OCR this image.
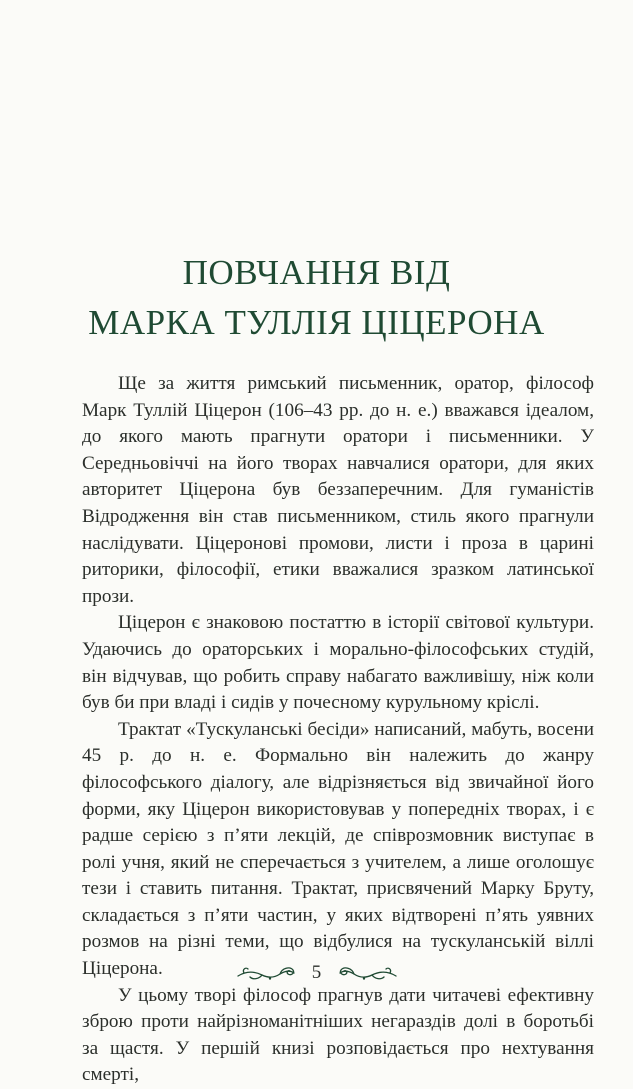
ПОВЧАННЯ ВІД
МАРКА ТУЛЛІЯ ЦІЦЕРОНА

Ще за життя римський письменник, оратор, філософ Марк Туллій Ціцерон (106–43 рр. до н. е.) вважався ідеалом, до якого мають прагнути оратори і письменники. У Середньовіччі на його творах навчалися оратори, для яких авторитет Ціцерона був беззаперечним. Для гуманістів Відродження він став письменником, стиль якого прагнули наслідувати. Ціцеронові промови, листи і проза в царині риторики, філософії, етики вважалися зразком латинської прози.

Ціцерон є знаковою постаттю в історії світової культури. Удаючись до ораторських і морально-філософських студій, він відчував, що робить справу набагато важливішу, ніж коли був би при владі і сидів у почесному курульному кріслі.

Трактат «Тускуланські бесіди» написаний, мабуть, восени 45 р. до н. е. Формально він належить до жанру філософського діалогу, але відрізняється від звичайної його форми, яку Ціцерон використовував у попередніх творах, і є радше серією з п’яти лекцій, де співрозмовник виступає в ролі учня, який не сперечається з учителем, а лише оголошує тези і ставить питання. Трактат, присвячений Марку Бруту, складається з п’яти частин, у яких відтворені п’ять уявних розмов на різні теми, що відбулися на тускуланській віллі Ціцерона.

У цьому творі філософ прагнув дати читачеві ефективну зброю проти найрізноманітніших негараздів долі в боротьбі за щастя. У першій книзі розповідається про нехтування смерті,

5
